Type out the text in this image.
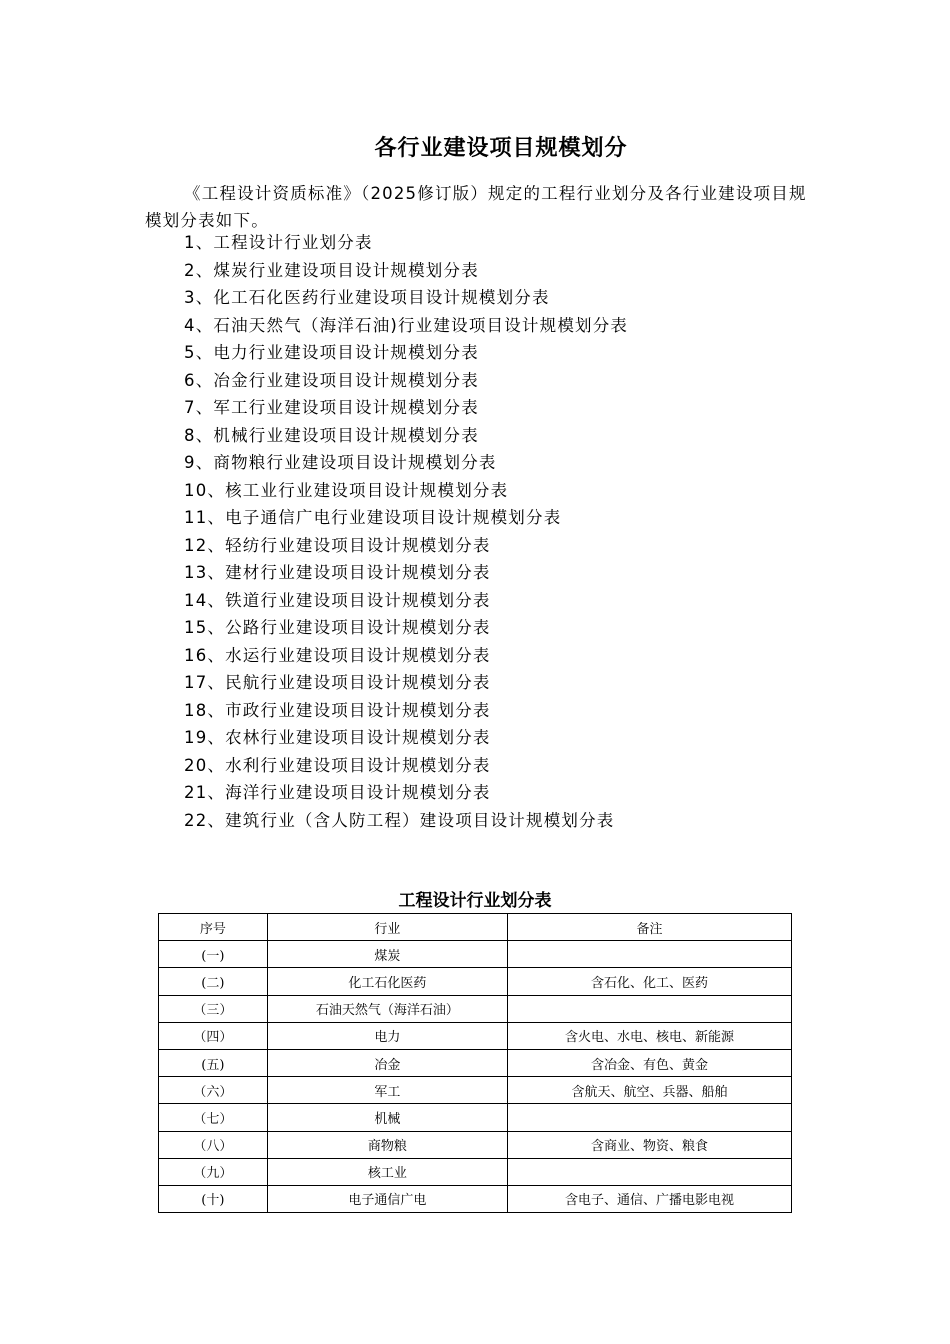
各行业建设项目规模划分

《工程设计资质标准》（2025修订版）规定的工程行业划分及各行业建设项目规模划分表如下。

1、工程设计行业划分表
2、煤炭行业建设项目设计规模划分表
3、化工石化医药行业建设项目设计规模划分表
4、石油天然气（海洋石油)行业建设项目设计规模划分表
5、电力行业建设项目设计规模划分表
6、冶金行业建设项目设计规模划分表
7、军工行业建设项目设计规模划分表
8、机械行业建设项目设计规模划分表
9、商物粮行业建设项目设计规模划分表
10、核工业行业建设项目设计规模划分表
11、电子通信广电行业建设项目设计规模划分表
12、轻纺行业建设项目设计规模划分表
13、建材行业建设项目设计规模划分表
14、铁道行业建设项目设计规模划分表
15、公路行业建设项目设计规模划分表
16、水运行业建设项目设计规模划分表
17、民航行业建设项目设计规模划分表
18、市政行业建设项目设计规模划分表
19、农林行业建设项目设计规模划分表
20、水利行业建设项目设计规模划分表
21、海洋行业建设项目设计规模划分表
22、建筑行业（含人防工程）建设项目设计规模划分表
工程设计行业划分表
序号	行业	备注
(一)	煤炭	
(二)	化工石化医药	含石化、化工、医药
（三）	石油天然气（海洋石油）	
（四）	电力	含火电、水电、核电、新能源
(五)	冶金	含冶金、有色、黄金
（六）	军工	含航天、航空、兵器、船舶
（七）	机械	
（八）	商物粮	含商业、物资、粮食
（九）	核工业	
(十)	电子通信广电	含电子、通信、广播电影电视
